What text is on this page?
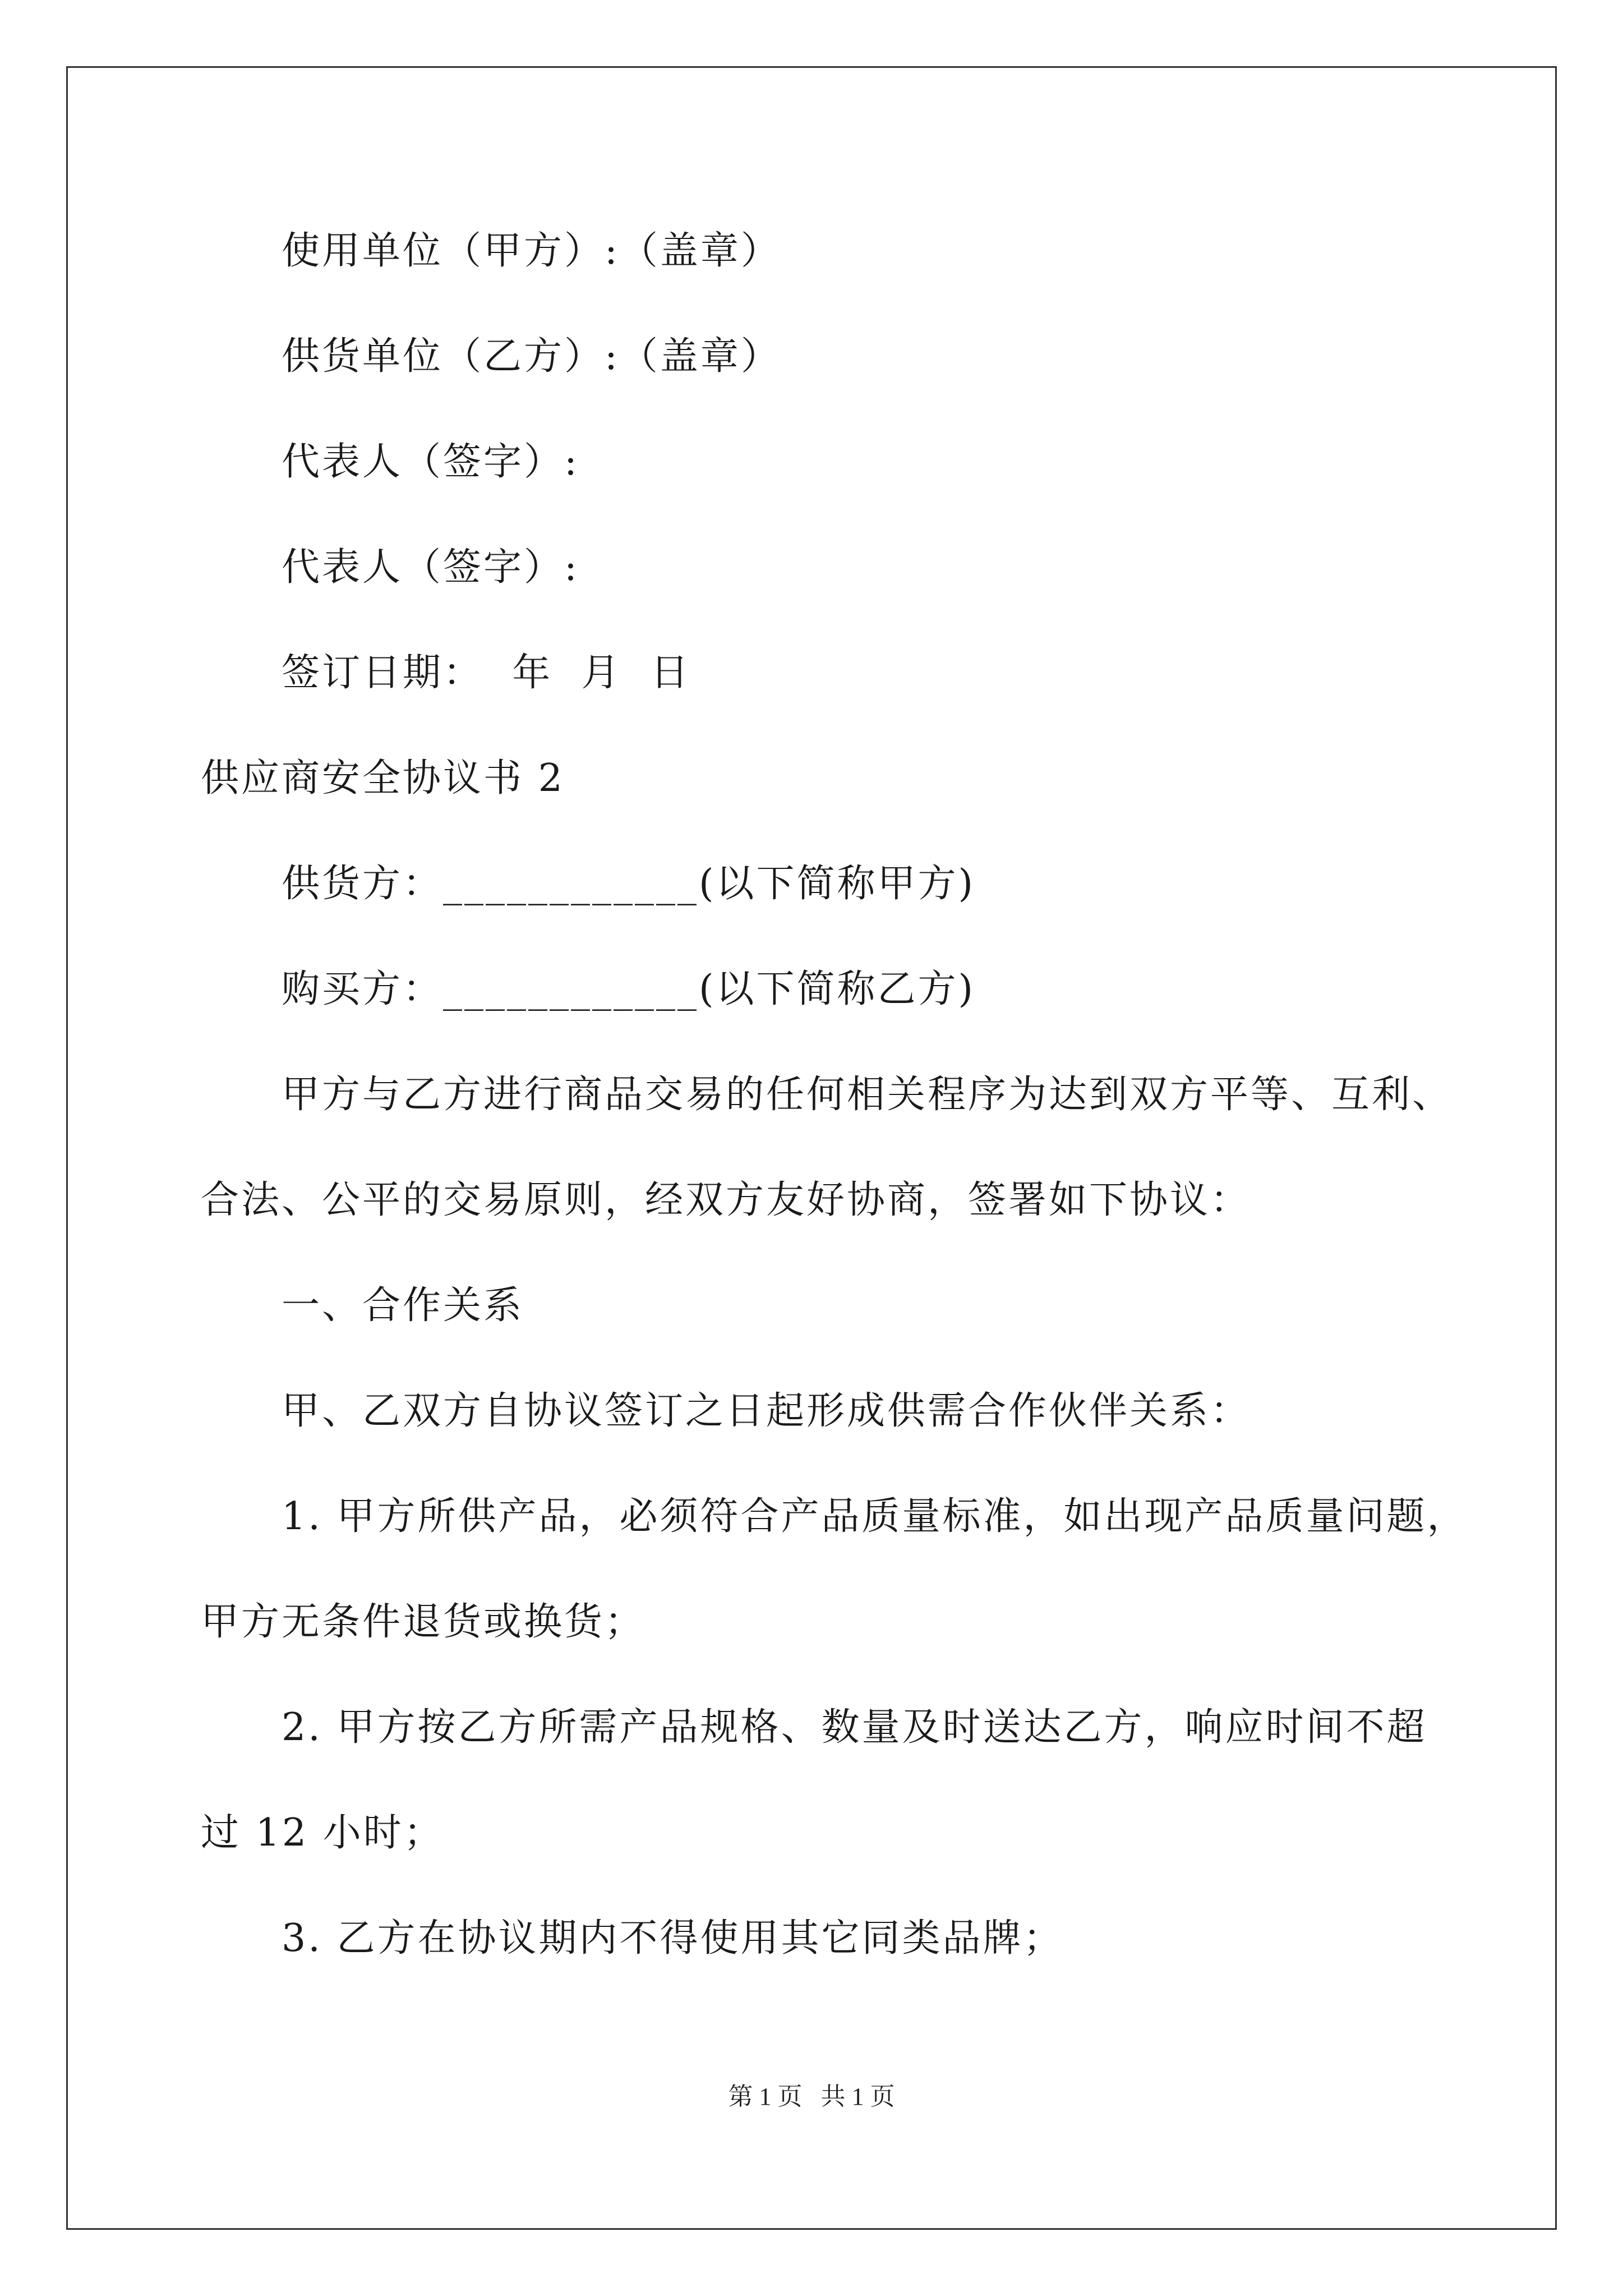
使用单位（甲方）:（盖章）
供货单位（乙方）:（盖章）
代表人（签字）:
代表人（签字）:
签订日期：  年  月  日
供应商安全协议书 2
供货方：____________(以下简称甲方)
购买方：____________(以下简称乙方)
甲方与乙方进行商品交易的任何相关程序为达到双方平等、互利、
合法、公平的交易原则，经双方友好协商，签署如下协议：
一、合作关系
甲、乙双方自协议签订之日起形成供需合作伙伴关系：
1. 甲方所供产品，必须符合产品质量标准，如出现产品质量问题，
甲方无条件退货或换货；
2. 甲方按乙方所需产品规格、数量及时送达乙方，响应时间不超
过 12 小时；
3. 乙方在协议期内不得使用其它同类品牌；
第 1 页   共 1 页
